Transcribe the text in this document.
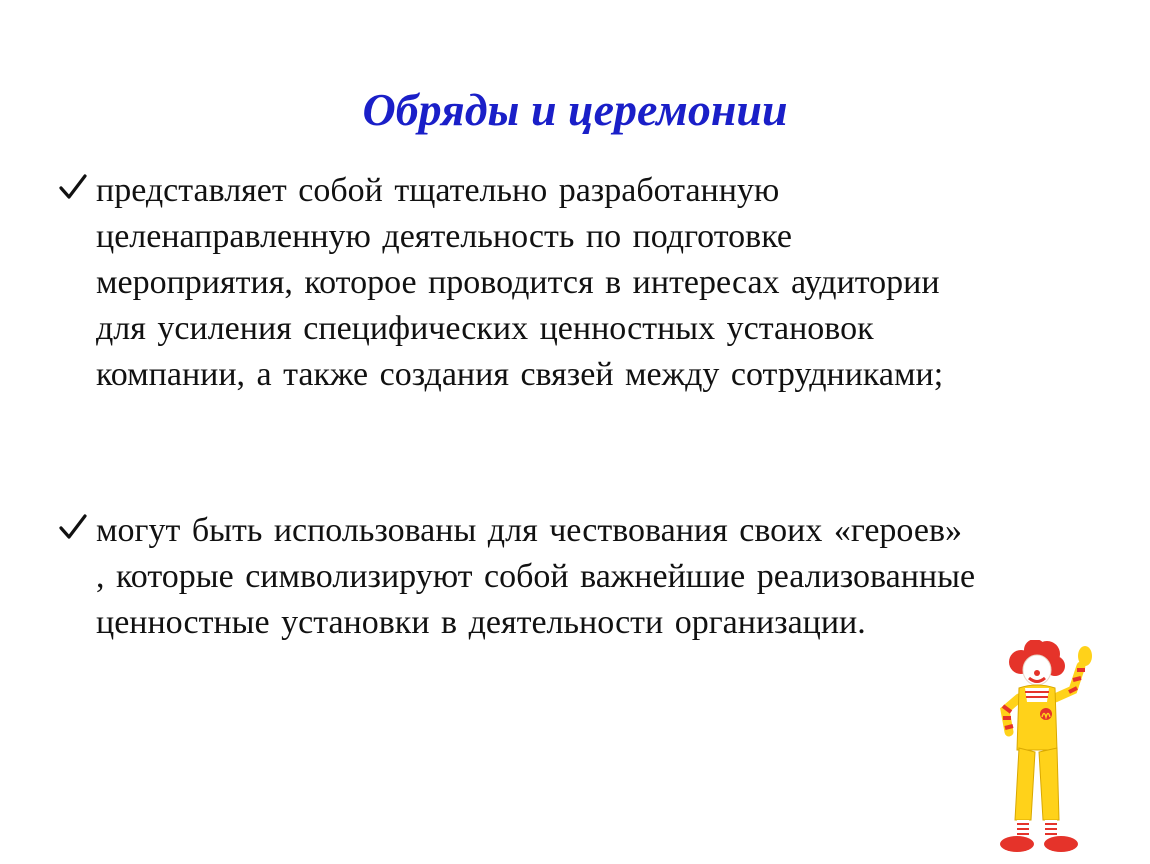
Обряды и церемонии

представляет собой тщательно разработанную целенаправленную деятельность по подготовке мероприятия, которое проводится в интересах аудитории для усиления специфических ценностных установок компании, а также создания связей между сотрудниками;

могут быть использованы для чествования своих «героев» , которые символизируют собой важнейшие реализованные ценностные установки в деятельности организации.
